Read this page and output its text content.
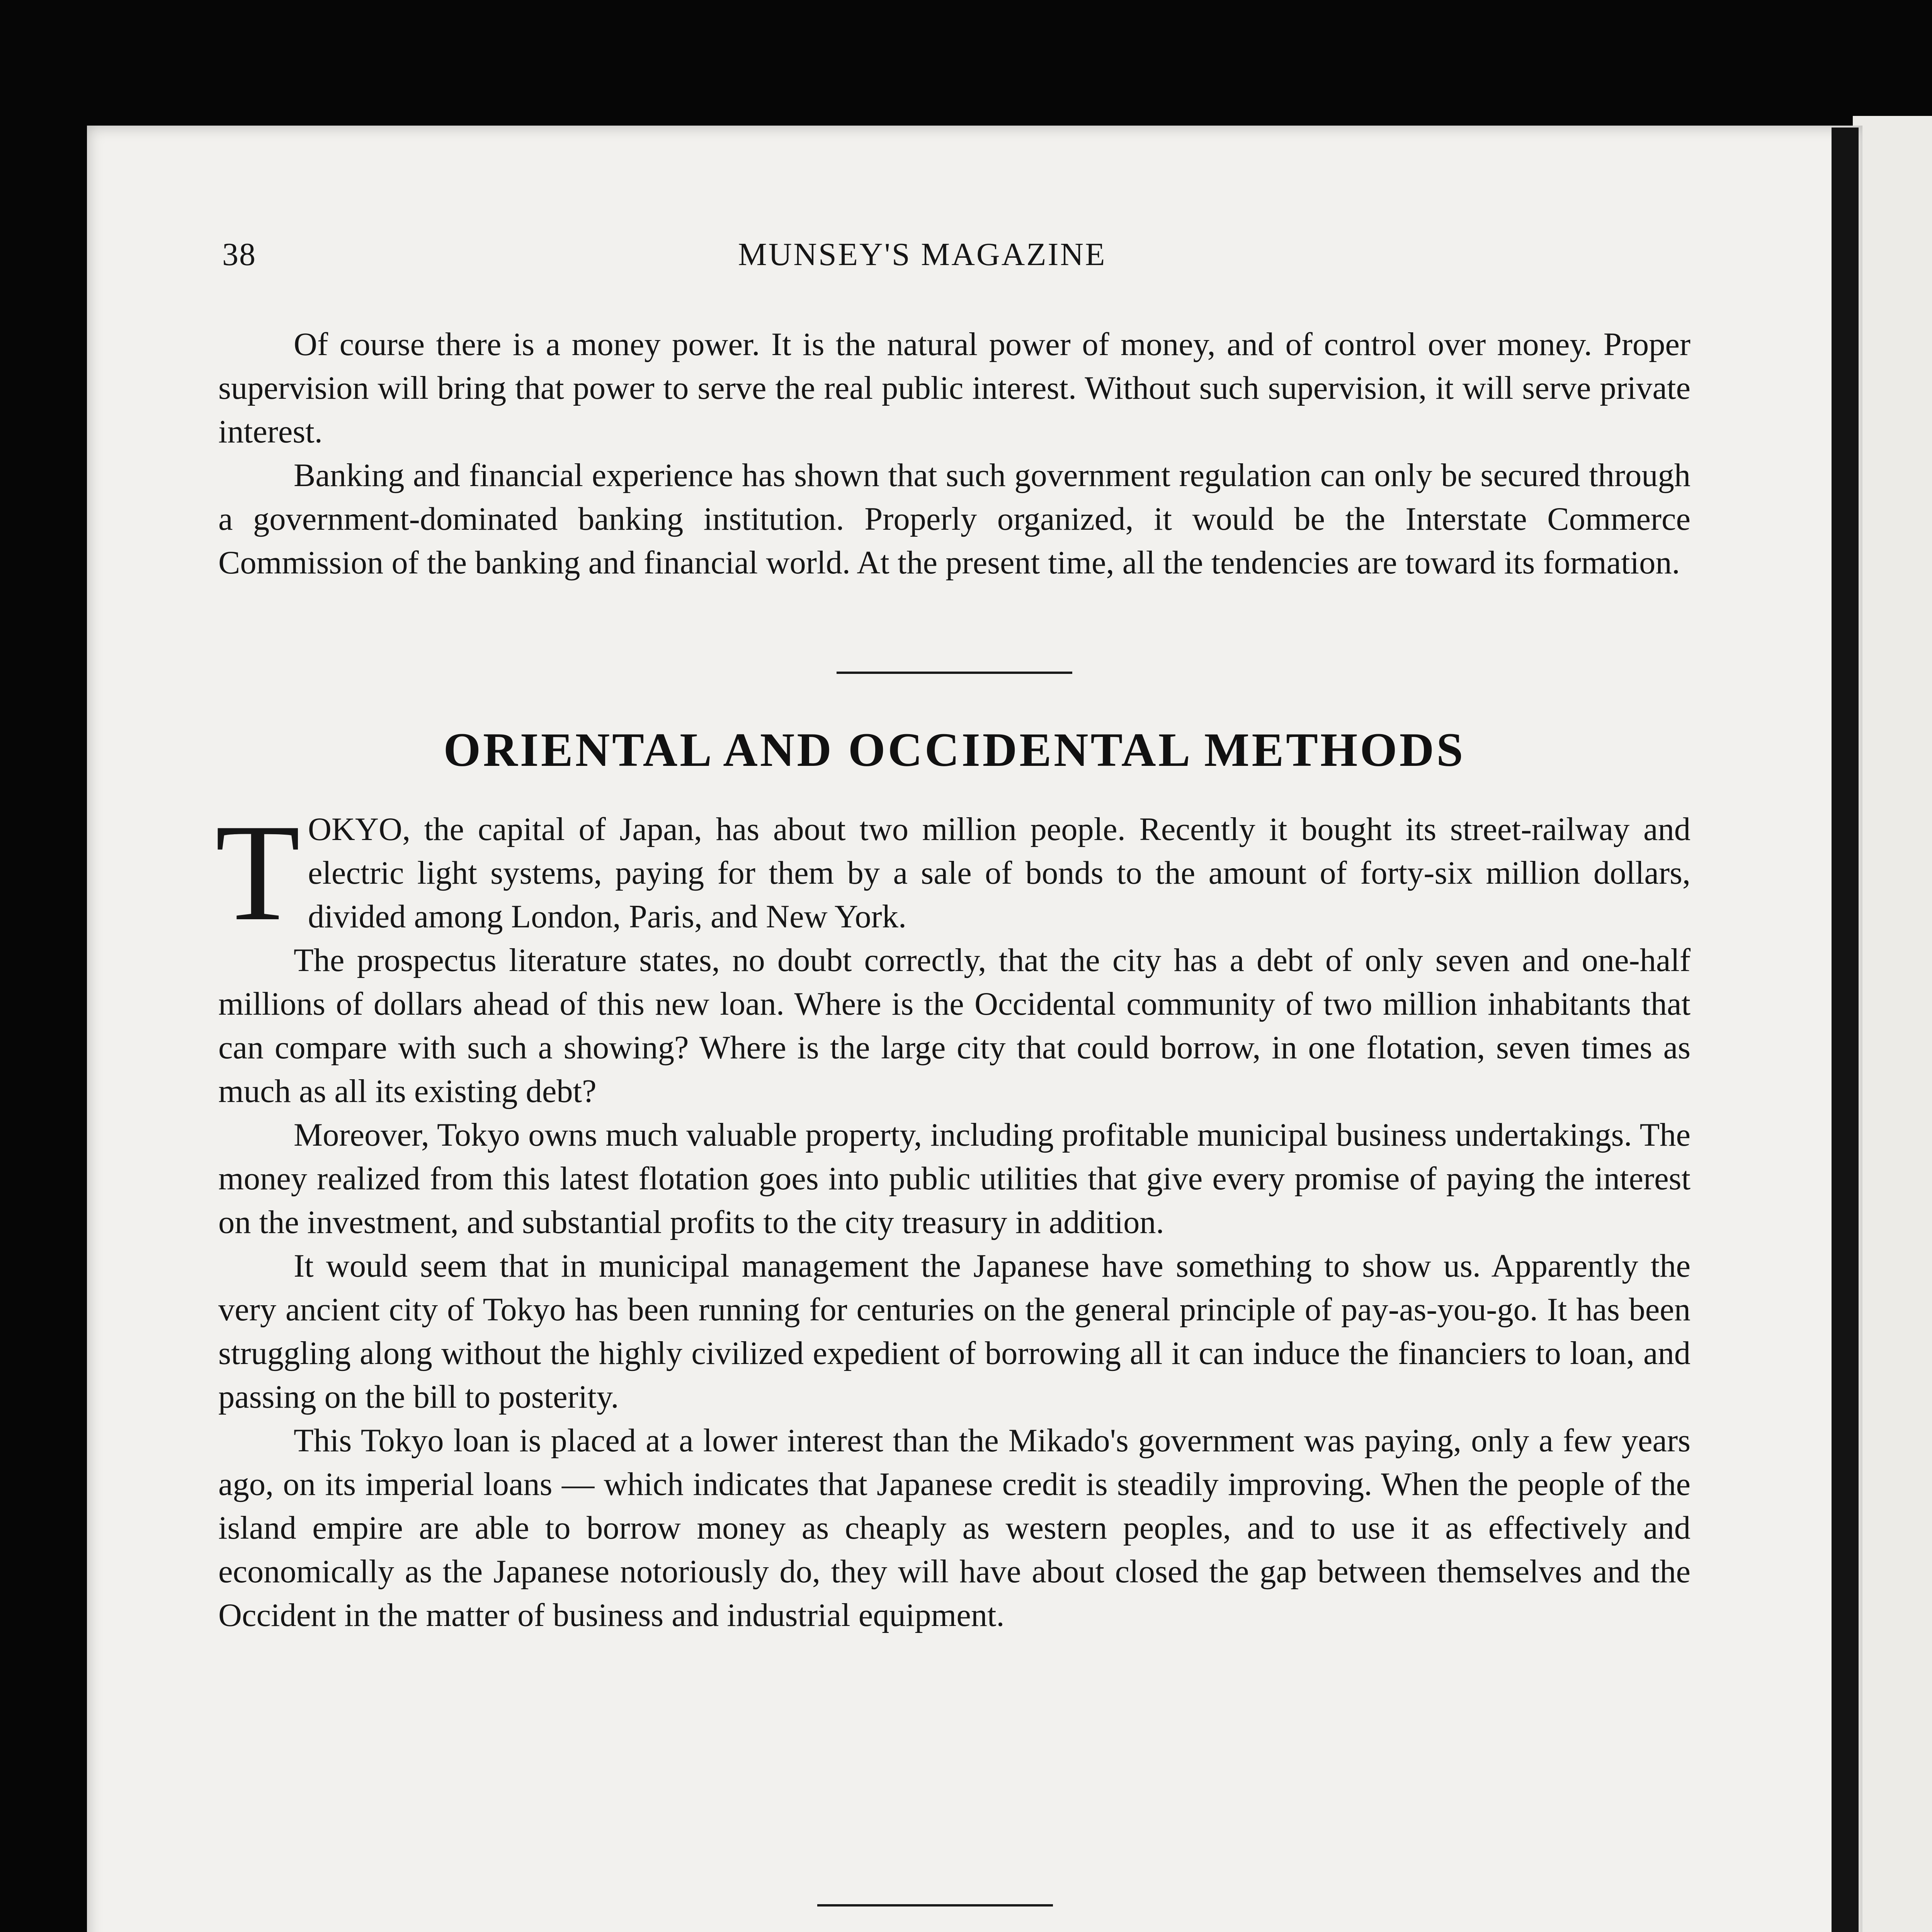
38	MUNSEY'S MAGAZINE

Of course there is a money power. It is the natural power of money, and of control over money. Proper supervision will bring that power to serve the real public interest. Without such supervision, it will serve private interest.

Banking and financial experience has shown that such government regulation can only be secured through a government-dominated banking institution. Properly organized, it would be the Interstate Commerce Commission of the banking and financial world. At the present time, all the tendencies are toward its formation.

ORIENTAL AND OCCIDENTAL METHODS

TOKYO, the capital of Japan, has about two million people. Recently it bought its street-railway and electric light systems, paying for them by a sale of bonds to the amount of forty-six million dollars, divided among London, Paris, and New York.

The prospectus literature states, no doubt correctly, that the city has a debt of only seven and one-half millions of dollars ahead of this new loan. Where is the Occidental community of two million inhabitants that can compare with such a showing? Where is the large city that could borrow, in one flotation, seven times as much as all its existing debt?

Moreover, Tokyo owns much valuable property, including profitable municipal business undertakings. The money realized from this latest flotation goes into public utilities that give every promise of paying the interest on the investment, and substantial profits to the city treasury in addition.

It would seem that in municipal management the Japanese have something to show us. Apparently the very ancient city of Tokyo has been running for centuries on the general principle of pay-as-you-go. It has been struggling along without the highly civilized expedient of borrowing all it can induce the financiers to loan, and passing on the bill to posterity.

This Tokyo loan is placed at a lower interest than the Mikado's government was paying, only a few years ago, on its imperial loans — which indicates that Japanese credit is steadily improving. When the people of the island empire are able to borrow money as cheaply as western peoples, and to use it as effectively and economically as the Japanese notoriously do, they will have about closed the gap between themselves and the Occident in the matter of business and industrial equipment.
